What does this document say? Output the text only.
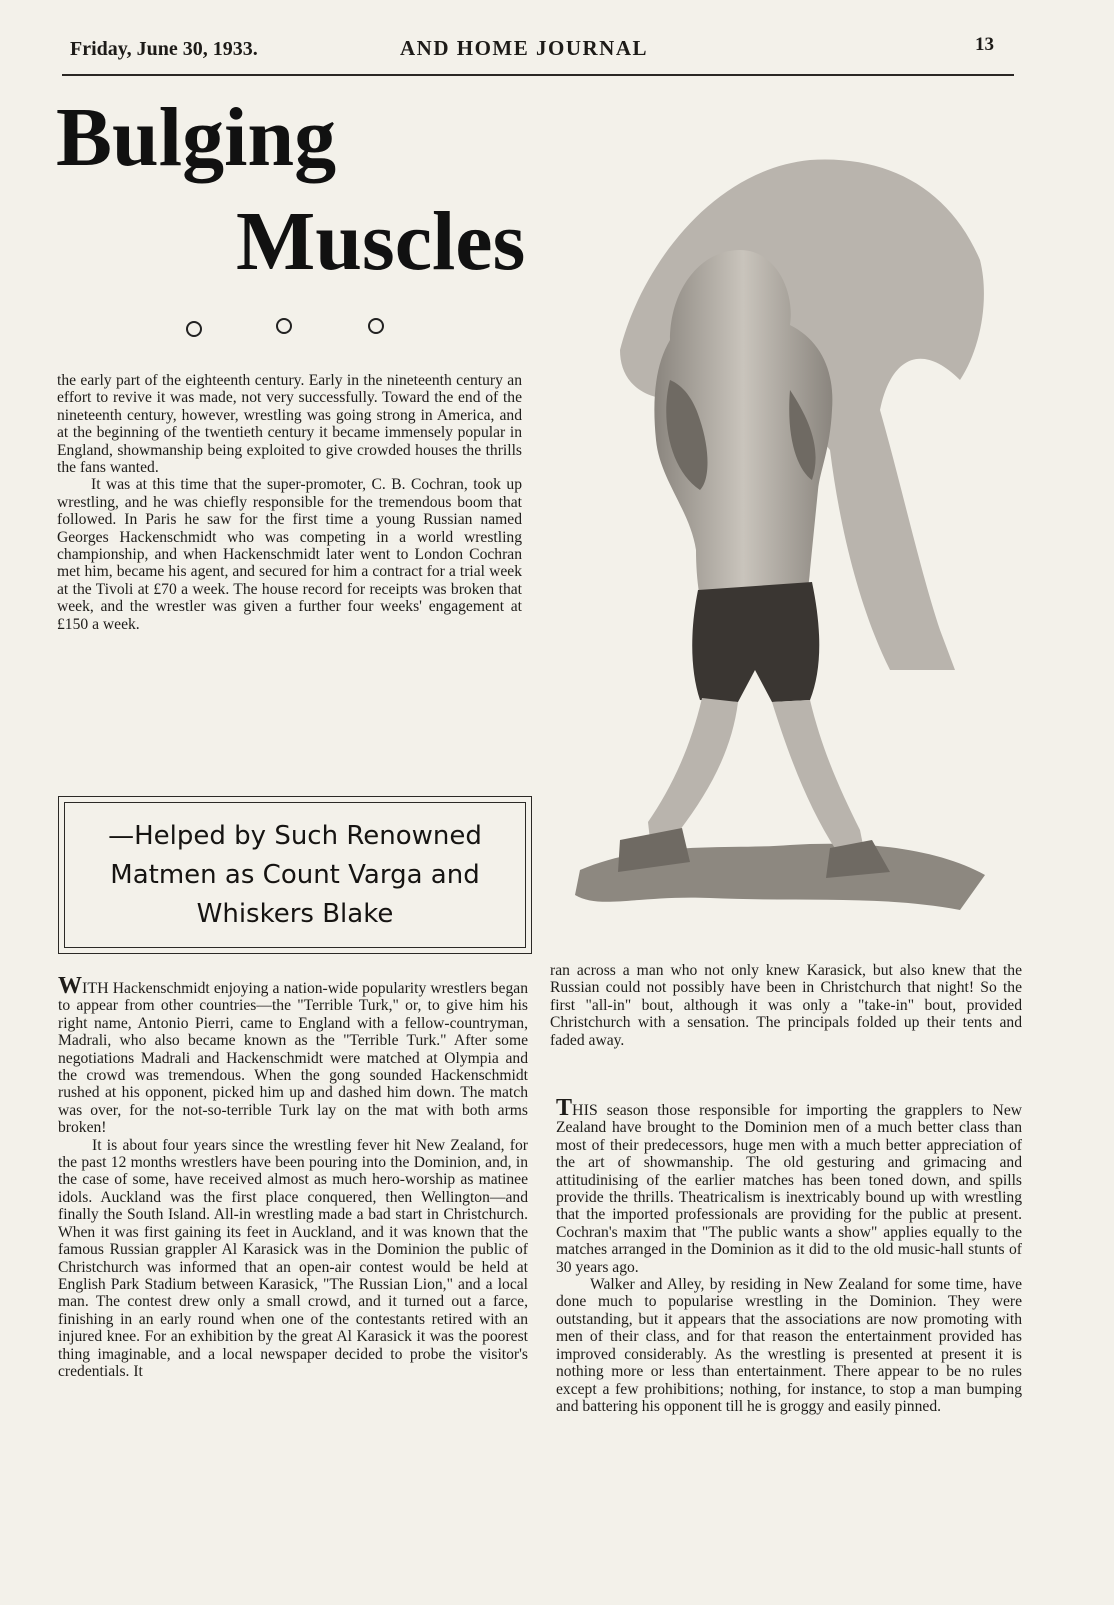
Friday, June 30, 1933.	AND HOME JOURNAL	13
Bulging
Muscles

the early part of the eighteenth century. Early in the nineteenth century an effort to revive it was made, not very successfully. Toward the end of the nineteenth century, however, wrestling was going strong in America, and at the beginning of the twentieth century it became immensely popular in England, showmanship being exploited to give crowded houses the thrills the fans wanted.

It was at this time that the super-promoter, C. B. Cochran, took up wrestling, and he was chiefly responsible for the tremendous boom that followed. In Paris he saw for the first time a young Russian named Georges Hackenschmidt who was competing in a world wrestling championship, and when Hackenschmidt later went to London Cochran met him, became his agent, and secured for him a contract for a trial week at the Tivoli at £70 a week. The house record for receipts was broken that week, and the wrestler was given a further four weeks' engagement at £150 a week.

—Helped by Such Renowned Matmen as Count Varga and Whiskers Blake

WITH Hackenschmidt enjoying a nation-wide popularity wrestlers began to appear from other countries—the "Terrible Turk," or, to give him his right name, Antonio Pierri, came to England with a fellow-countryman, Madrali, who also became known as the "Terrible Turk." After some negotiations Madrali and Hackenschmidt were matched at Olympia and the crowd was tremendous. When the gong sounded Hackenschmidt rushed at his opponent, picked him up and dashed him down. The match was over, for the not-so-terrible Turk lay on the mat with both arms broken!

It is about four years since the wrestling fever hit New Zealand, for the past 12 months wrestlers have been pouring into the Dominion, and, in the case of some, have received almost as much hero-worship as matinee idols. Auckland was the first place conquered, then Wellington—and finally the South Island. All-in wrestling made a bad start in Christchurch. When it was first gaining its feet in Auckland, and it was known that the famous Russian grappler Al Karasick was in the Dominion the public of Christchurch was informed that an open-air contest would be held at English Park Stadium between Karasick, "The Russian Lion," and a local man. The contest drew only a small crowd, and it turned out a farce, finishing in an early round when one of the contestants retired with an injured knee. For an exhibition by the great Al Karasick it was the poorest thing imaginable, and a local newspaper decided to probe the visitor's credentials. It

ran across a man who not only knew Karasick, but also knew that the Russian could not possibly have been in Christchurch that night! So the first "all-in" bout, although it was only a "take-in" bout, provided Christchurch with a sensation. The principals folded up their tents and faded away.

THIS season those responsible for importing the grapplers to New Zealand have brought to the Dominion men of a much better class than most of their predecessors, huge men with a much better appreciation of the art of showmanship. The old gesturing and grimacing and attitudinising of the earlier matches has been toned down, and spills provide the thrills. Theatricalism is inextricably bound up with wrestling that the imported professionals are providing for the public at present. Cochran's maxim that "The public wants a show" applies equally to the matches arranged in the Dominion as it did to the old music-hall stunts of 30 years ago.

Walker and Alley, by residing in New Zealand for some time, have done much to popularise wrestling in the Dominion. They were outstanding, but it appears that the associations are now promoting with men of their class, and for that reason the entertainment provided has improved considerably. As the wrestling is presented at present it is nothing more or less than entertainment. There appear to be no rules except a few prohibitions; nothing, for instance, to stop a man bumping and battering his opponent till he is groggy and easily pinned.
